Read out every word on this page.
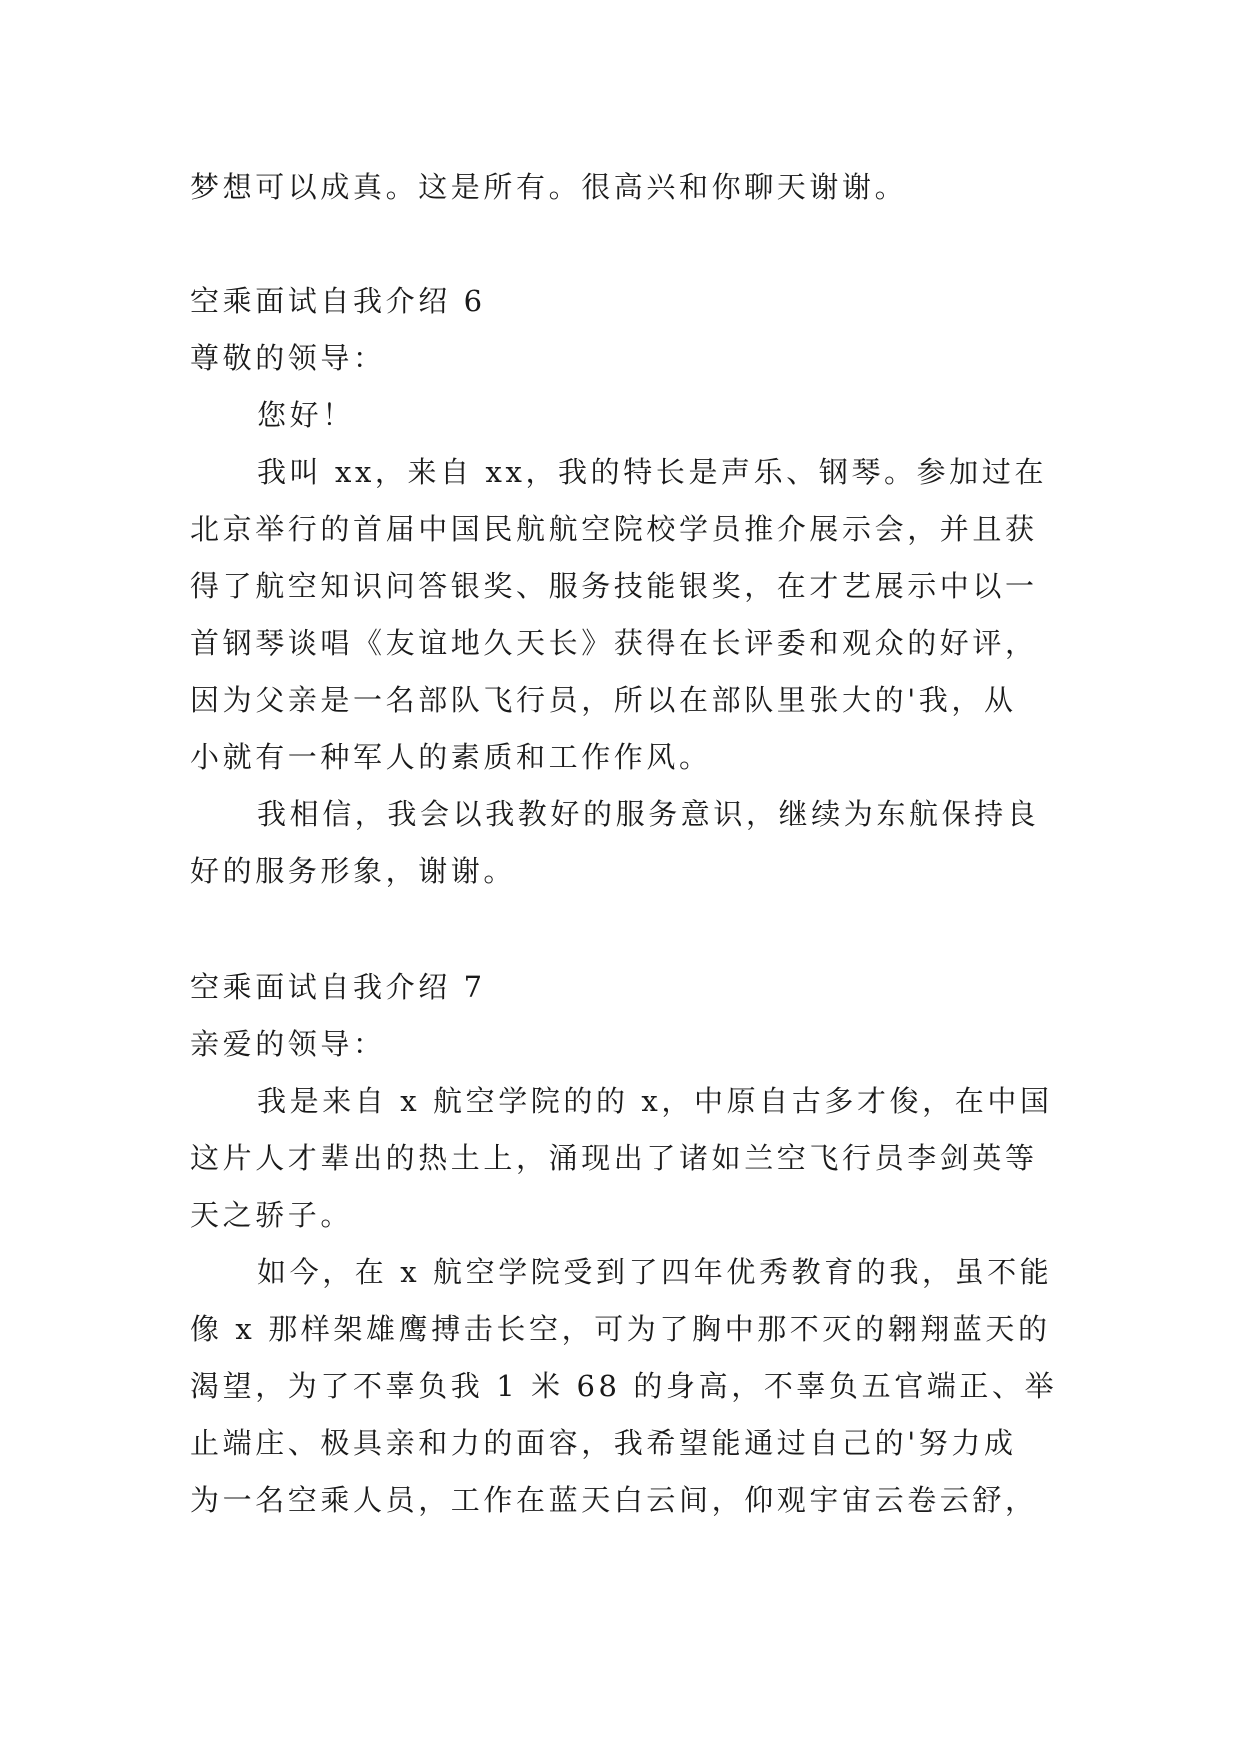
梦想可以成真。这是所有。很高兴和你聊天谢谢。
空乘面试自我介绍 6
尊敬的领导：
您好！
我叫 xx，来自 xx，我的特长是声乐、钢琴。参加过在
北京举行的首届中国民航航空院校学员推介展示会，并且获
得了航空知识问答银奖、服务技能银奖，在才艺展示中以一
首钢琴谈唱《友谊地久天长》获得在长评委和观众的好评，
因为父亲是一名部队飞行员，所以在部队里张大的'我，从
小就有一种军人的素质和工作作风。
我相信，我会以我教好的服务意识，继续为东航保持良
好的服务形象，谢谢。
空乘面试自我介绍 7
亲爱的领导：
我是来自 x 航空学院的的 x，中原自古多才俊，在中国
这片人才辈出的热土上，涌现出了诸如兰空飞行员李剑英等
天之骄子。
如今，在 x 航空学院受到了四年优秀教育的我，虽不能
像 x 那样架雄鹰搏击长空，可为了胸中那不灭的翱翔蓝天的
渴望，为了不辜负我 1 米 68 的身高，不辜负五官端正、举
止端庄、极具亲和力的面容，我希望能通过自己的'努力成
为一名空乘人员，工作在蓝天白云间，仰观宇宙云卷云舒，
